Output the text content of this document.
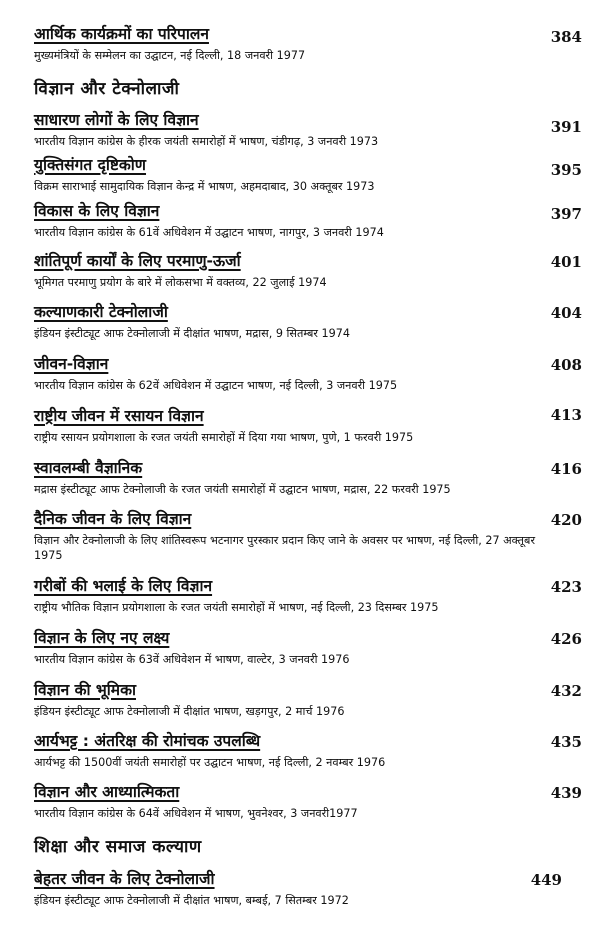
आर्थिक कार्यक्रमों का परिपालन	384
मुख्यमंत्रियों के सम्मेलन का उद्घाटन, नई दिल्ली, 18 जनवरी 1977
विज्ञान और टेक्नोलाजी
साधारण लोगों के लिए विज्ञान	391
भारतीय विज्ञान कांग्रेस के हीरक जयंती समारोहों में भाषण, चंडीगढ़, 3 जनवरी 1973
युक्तिसंगत दृष्टिकोण	395
विक्रम साराभाई सामुदायिक विज्ञान केन्द्र में भाषण, अहमदाबाद, 30 अक्तूबर 1973
विकास के लिए विज्ञान	397
भारतीय विज्ञान कांग्रेस के 61वें अधिवेशन में उद्घाटन भाषण, नागपुर, 3 जनवरी 1974
शांतिपूर्ण कार्यों के लिए परमाणु-ऊर्जा	401
भूमिगत परमाणु प्रयोग के बारे में लोकसभा में वक्तव्य, 22 जुलाई 1974
कल्याणकारी टेक्नोलाजी	404
इंडियन इंस्टीट्यूट आफ टेक्नोलाजी में दीक्षांत भाषण, मद्रास, 9 सितम्बर 1974
जीवन-विज्ञान	408
भारतीय विज्ञान कांग्रेस के 62वें अधिवेशन में उद्घाटन भाषण, नई दिल्ली, 3 जनवरी 1975
राष्ट्रीय जीवन में रसायन विज्ञान	413
राष्ट्रीय रसायन प्रयोगशाला के रजत जयंती समारोहों में दिया गया भाषण, पुणे, 1 फरवरी 1975
स्वावलम्बी वैज्ञानिक	416
मद्रास इंस्टीट्यूट आफ टेक्नोलाजी के रजत जयंती समारोहों में उद्घाटन भाषण, मद्रास, 22 फरवरी 1975
दैनिक जीवन के लिए विज्ञान	420
विज्ञान और टेक्नोलाजी के लिए शांतिस्वरूप भटनागर पुरस्कार प्रदान किए जाने के अवसर पर भाषण, नई दिल्ली, 27 अक्तूबर 1975
गरीबों की भलाई के लिए विज्ञान	423
राष्ट्रीय भौतिक विज्ञान प्रयोगशाला के रजत जयंती समारोहों में भाषण, नई दिल्ली, 23 दिसम्बर 1975
विज्ञान के लिए नए लक्ष्य	426
भारतीय विज्ञान कांग्रेस के 63वें अधिवेशन में भाषण, वाल्टेर, 3 जनवरी 1976
विज्ञान की भूमिका	432
इंडियन इंस्टीट्यूट आफ टेक्नोलाजी में दीक्षांत भाषण, खड़गपुर, 2 मार्च 1976
आर्यभट्ट : अंतरिक्ष की रोमांचक उपलब्धि	435
आर्यभट्ट की 1500वीं जयंती समारोहों पर उद्घाटन भाषण, नई दिल्ली, 2 नवम्बर 1976
विज्ञान और आध्यात्मिकता	439
भारतीय विज्ञान कांग्रेस के 64वें अधिवेशन में भाषण, भुवनेश्वर, 3 जनवरी1977
शिक्षा और समाज कल्याण
बेहतर जीवन के लिए टेक्नोलाजी	449
इंडियन इंस्टीट्यूट आफ टेक्नोलाजी में दीक्षांत भाषण, बम्बई, 7 सितम्बर 1972
